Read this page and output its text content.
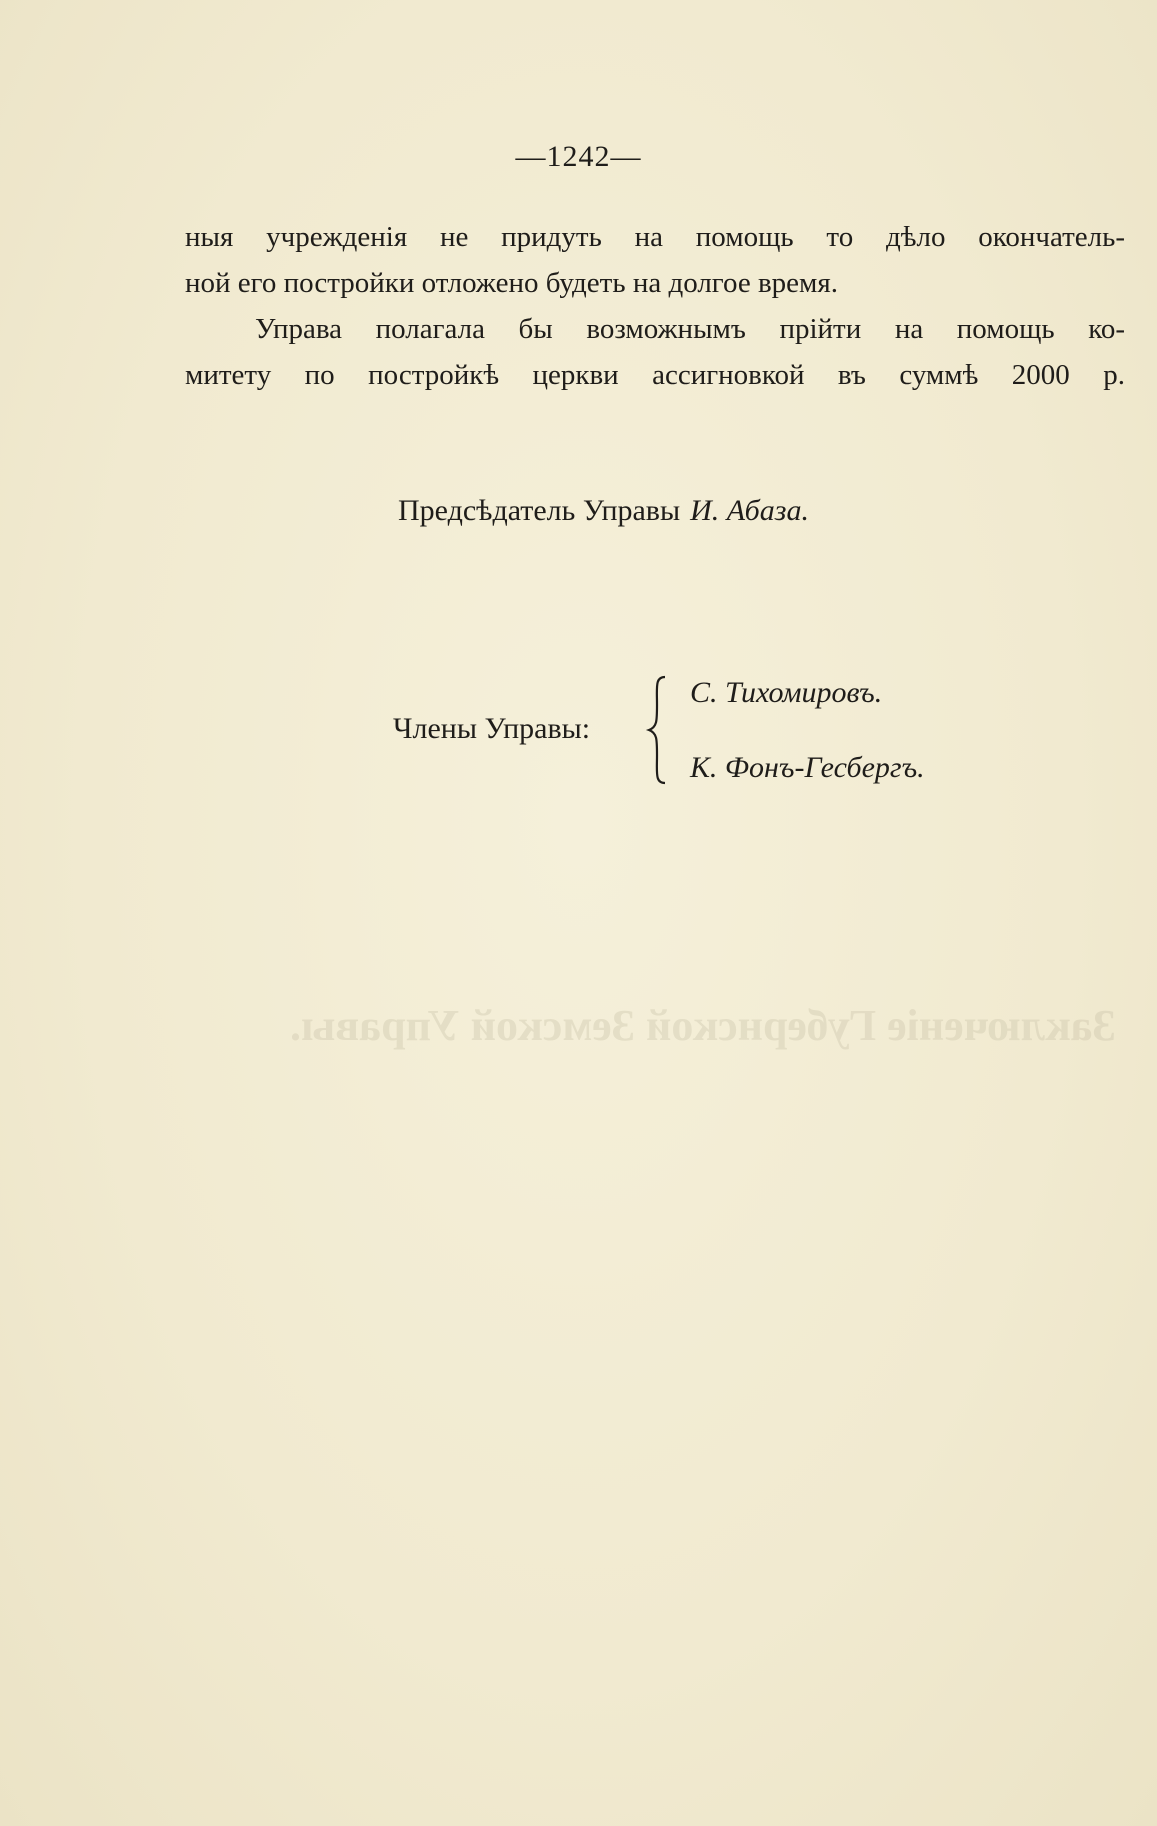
Заключеніе Губернской Земской Управы.
—1242—
ныя учрежденія не придуть на помощь то дѣло окончатель-
ной его постройки отложено будеть на долгое время.
Управа полагала бы возможнымъ прійти на помощь ко-
митету по постройкѣ церкви ассигновкой въ суммѣ 2000 р.
Предсѣдатель Управы И. Абаза.
Члены Управы:
С. Тихомировъ.
К. Фонъ-Гесбергъ.
